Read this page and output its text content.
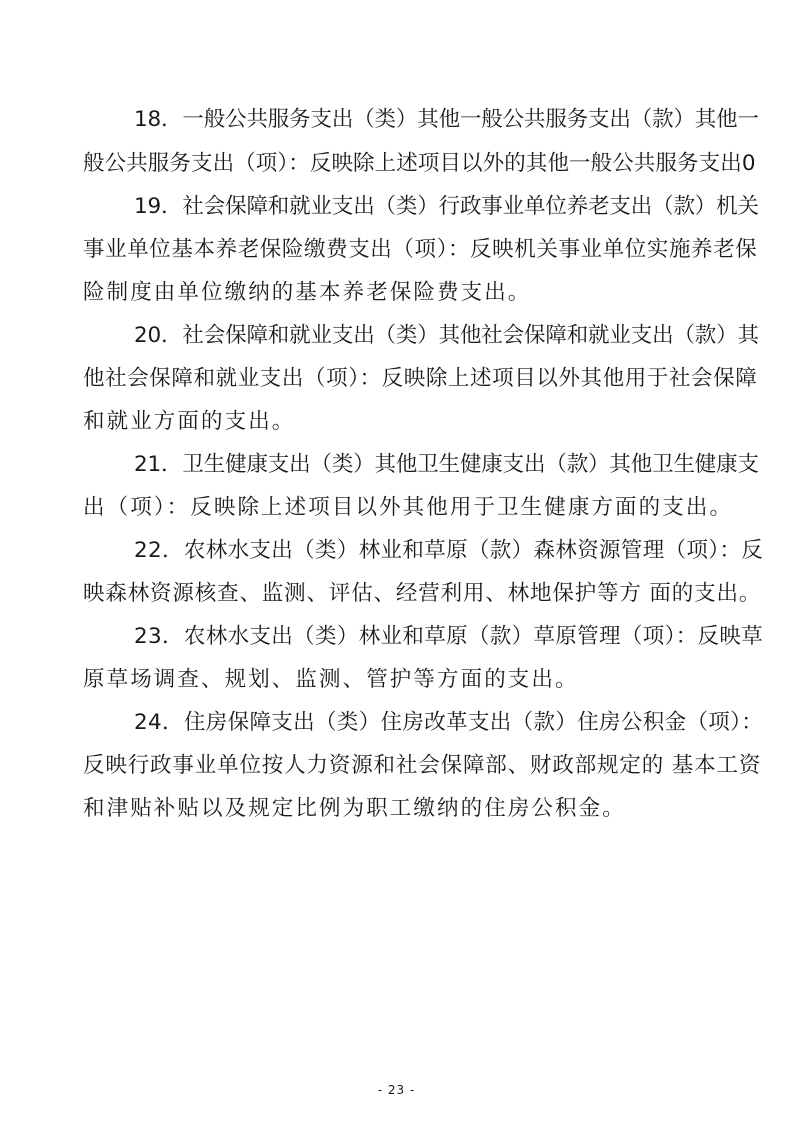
18．一般公共服务支出（类）其他一般公共服务支出（款）其他一
般公共服务支出（项）：反映除上述项目以外的其他一般公共服务支出0
19．社会保障和就业支出（类）行政事业单位养老支出（款）机关
事业单位基本养老保险缴费支出（项）：反映机关事业单位实施养老保
险制度由单位缴纳的基本养老保险费支出。
20．社会保障和就业支出（类）其他社会保障和就业支出（款）其
他社会保障和就业支出（项）：反映除上述项目以外其他用于社会保障
和就业方面的支出。
21．卫生健康支出（类）其他卫生健康支出（款）其他卫生健康支
出（项）：反映除上述项目以外其他用于卫生健康方面的支出。
22．农林水支出（类）林业和草原（款）森林资源管理（项）：反
映森林资源核查、监测、评估、经营利用、林地保护等方 面的支出。
23．农林水支出（类）林业和草原（款）草原管理（项）：反映草
原草场调查、规划、监测、管护等方面的支出。
24．住房保障支出（类）住房改革支出（款）住房公积金（项）：
反映行政事业单位按人力资源和社会保障部、财政部规定的 基本工资
和津贴补贴以及规定比例为职工缴纳的住房公积金。
- 23 -
